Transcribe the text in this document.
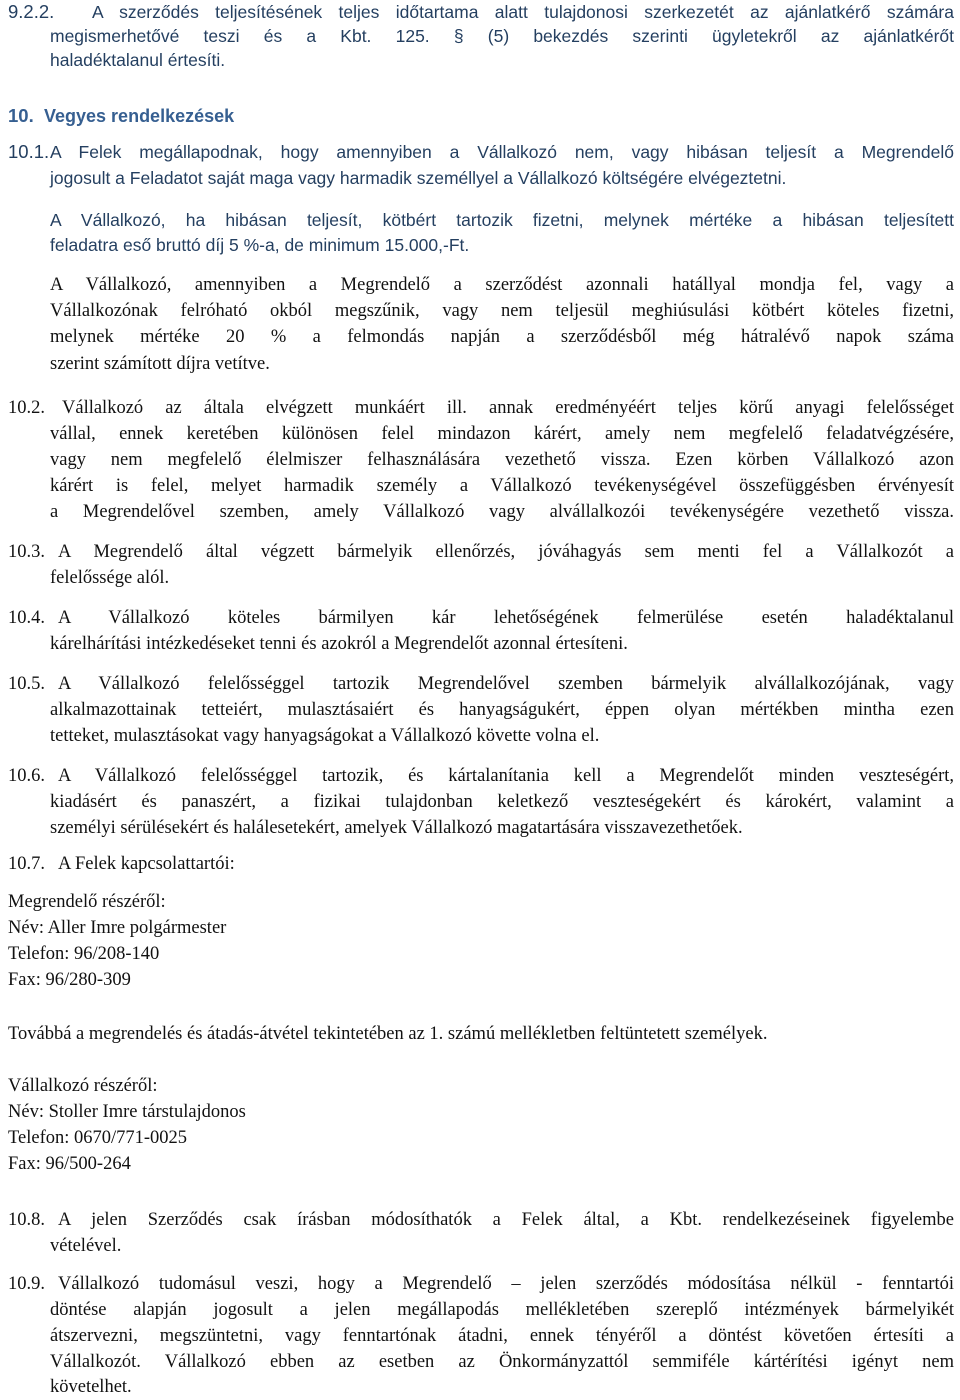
9.2.2. A szerződés teljesítésének teljes időtartama alatt tulajdonosi szerkezetét az ajánlatkérő számára

megismerhetővé teszi és a Kbt. 125. § (5) bekezdés szerinti ügyletekről az ajánlatkérőt

haladéktalanul értesíti.

10. Vegyes rendelkezések

10.1. A Felek megállapodnak, hogy amennyiben a Vállalkozó nem, vagy hibásan teljesít a Megrendelő

jogosult a Feladatot saját maga vagy harmadik személlyel a Vállalkozó költségére elvégeztetni.

A Vállalkozó, ha hibásan teljesít, kötbért tartozik fizetni, melynek mértéke a hibásan teljesített

feladatra eső bruttó díj 5 %-a, de minimum 15.000,-Ft.

A Vállalkozó, amennyiben a Megrendelő a szerződést azonnali hatállyal mondja fel, vagy a

Vállalkozónak felróható okból megszűnik, vagy nem teljesül meghiúsulási kötbért köteles fizetni,

melynek mértéke 20 % a felmondás napján a szerződésből még hátralévő napok száma

szerint számított díjra vetítve.

10.2. Vállalkozó az általa elvégzett munkáért ill. annak eredményéért teljes körű anyagi felelősséget

vállal, ennek keretében különösen felel mindazon kárért, amely nem megfelelő feladatvégzésére,

vagy nem megfelelő élelmiszer felhasználására vezethető vissza. Ezen körben Vállalkozó azon

kárért is felel, melyet harmadik személy a Vállalkozó tevékenységével összefüggésben érvényesít

a Megrendelővel szemben, amely Vállalkozó vagy alvállalkozói tevékenységére vezethető vissza.

10.3. A Megrendelő által végzett bármelyik ellenőrzés, jóváhagyás sem menti fel a Vállalkozót a

felelőssége alól.

10.4. A Vállalkozó köteles bármilyen kár lehetőségének felmerülése esetén haladéktalanul

kárelhárítási intézkedéseket tenni és azokról a Megrendelőt azonnal értesíteni.

10.5. A Vállalkozó felelősséggel tartozik Megrendelővel szemben bármelyik alvállalkozójának, vagy

alkalmazottainak tetteiért, mulasztásaiért és hanyagságukért, éppen olyan mértékben mintha ezen

tetteket, mulasztásokat vagy hanyagságokat a Vállalkozó követte volna el.

10.6. A Vállalkozó felelősséggel tartozik, és kártalanítania kell a Megrendelőt minden veszteségért,

kiadásért és panaszért, a fizikai tulajdonban keletkező veszteségekért és károkért, valamint a

személyi sérülésekért és halálesetekért, amelyek Vállalkozó magatartására visszavezethetőek.

10.7. A Felek kapcsolattartói:

Megrendelő részéről:

Név: Aller Imre polgármester

Telefon: 96/208-140

Fax: 96/280-309

Továbbá a megrendelés és átadás-átvétel tekintetében az 1. számú mellékletben feltüntetett személyek.

Vállalkozó részéről:

Név: Stoller Imre társtulajdonos

Telefon: 0670/771-0025

Fax: 96/500-264

10.8. A jelen Szerződés csak írásban módosíthatók a Felek által, a Kbt. rendelkezéseinek figyelembe

vételével.

10.9. Vállalkozó tudomásul veszi, hogy a Megrendelő – jelen szerződés módosítása nélkül - fenntartói

döntése alapján jogosult a jelen megállapodás mellékletében szereplő intézmények bármelyikét

átszervezni, megszüntetni, vagy fenntartónak átadni, ennek tényéről a döntést követően értesíti a

Vállalkozót. Vállalkozó ebben az esetben az Önkormányzattól semmiféle kártérítési igényt nem

követelhet.
